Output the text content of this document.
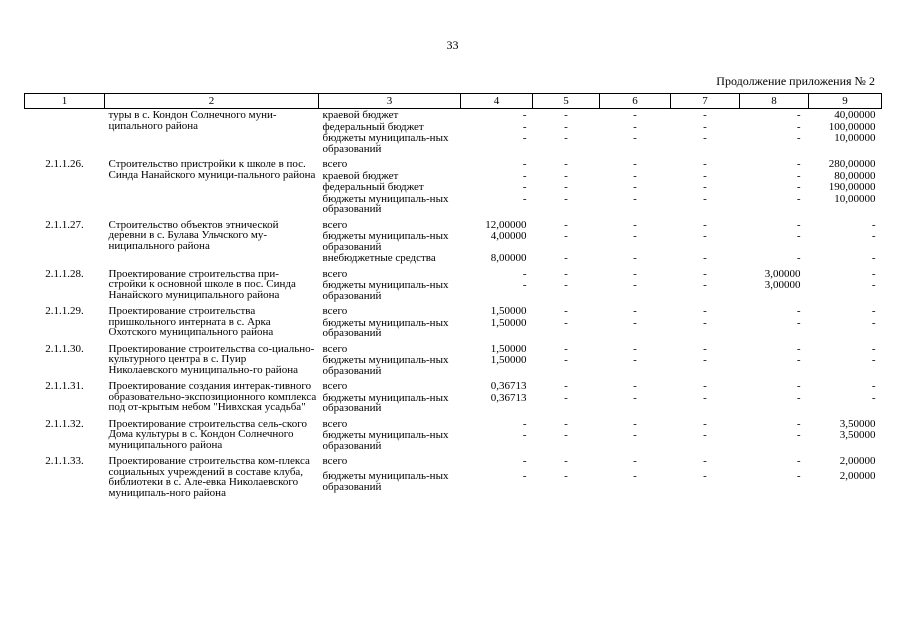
33
Продолжение приложения № 2
1	2	3	4	5	6	7	8	9
	туры в с. Кондон Солнечного муни-ципального района	краевой бюджет	-	-	-	-	-	40,00000
		федеральный бюджет	-	-	-	-	-	100,00000
		бюджеты муниципаль-ных образований	-	-	-	-	-	10,00000
2.1.1.26.	Строительство пристройки к школе в пос. Синда Нанайского муници-пального района	всего	-	-	-	-	-	280,00000
		краевой бюджет	-	-	-	-	-	80,00000
		федеральный бюджет	-	-	-	-	-	190,00000
		бюджеты муниципаль-ных образований	-	-	-	-	-	10,00000
2.1.1.27.	Строительство объектов этнической деревни в с. Булава Ульчского му-ниципального района	всего	12,00000	-	-	-	-	-
		бюджеты муниципаль-ных образований	4,00000	-	-	-	-	-
		внебюджетные средства	8,00000	-	-	-	-	-
2.1.1.28.	Проектирование строительства при-стройки к основной школе в пос. Синда Нанайского муниципального района	всего	-	-	-	-	3,00000	-
		бюджеты муниципаль-ных образований	-	-	-	-	3,00000	-
2.1.1.29.	Проектирование строительства пришкольного интерната в с. Арка Охотского муниципального района	всего	1,50000	-	-	-	-	-
		бюджеты муниципаль-ных образований	1,50000	-	-	-	-	-
2.1.1.30.	Проектирование строительства со-циально-культурного центра в с. Пуир Николаевского муниципально-го района	всего	1,50000	-	-	-	-	-
		бюджеты муниципаль-ных образований	1,50000	-	-	-	-	-
2.1.1.31.	Проектирование создания интерак-тивного образовательно-экспозиционного комплекса под от-крытым небом "Нивхская усадьба"	всего	0,36713	-	-	-	-	-
		бюджеты муниципаль-ных образований	0,36713	-	-	-	-	-
2.1.1.32.	Проектирование строительства сель-ского Дома культуры в с. Кондон Солнечного муниципального района	всего	-	-	-	-	-	3,50000
		бюджеты муниципаль-ных образований	-	-	-	-	-	3,50000
2.1.1.33.	Проектирование строительства ком-плекса социальных учреждений в составе клуба, библиотеки в с. Але-евка Николаевского муниципаль-ного района	всего	-	-	-	-	-	2,00000
		бюджеты муниципаль-ных образований	-	-	-	-	-	2,00000
